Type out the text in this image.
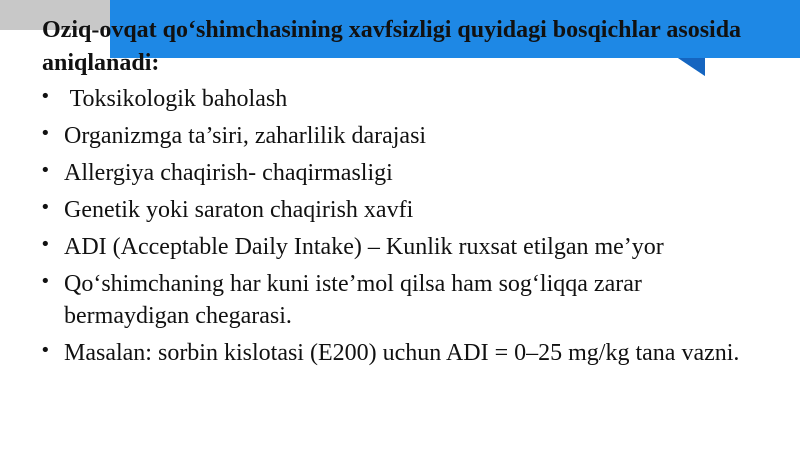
Oziq-ovqat qo‘shimchasining xavfsizligi quyidagi bosqichlar asosida aniqlanadi:
• Toksikologik baholash
• Organizmga ta’siri, zaharlilik darajasi
• Allergiya chaqirish- chaqirmasligi
• Genetik yoki saraton chaqirish xavfi
• ADI (Acceptable Daily Intake) – Kunlik ruxsat etilgan me’yor
• Qo‘shimchaning har kuni iste’mol qilsa ham sog‘liqqa zarar bermaydigan chegarasi.
• Masalan: sorbin kislotasi (E200) uchun ADI = 0–25 mg/kg tana vazni.
